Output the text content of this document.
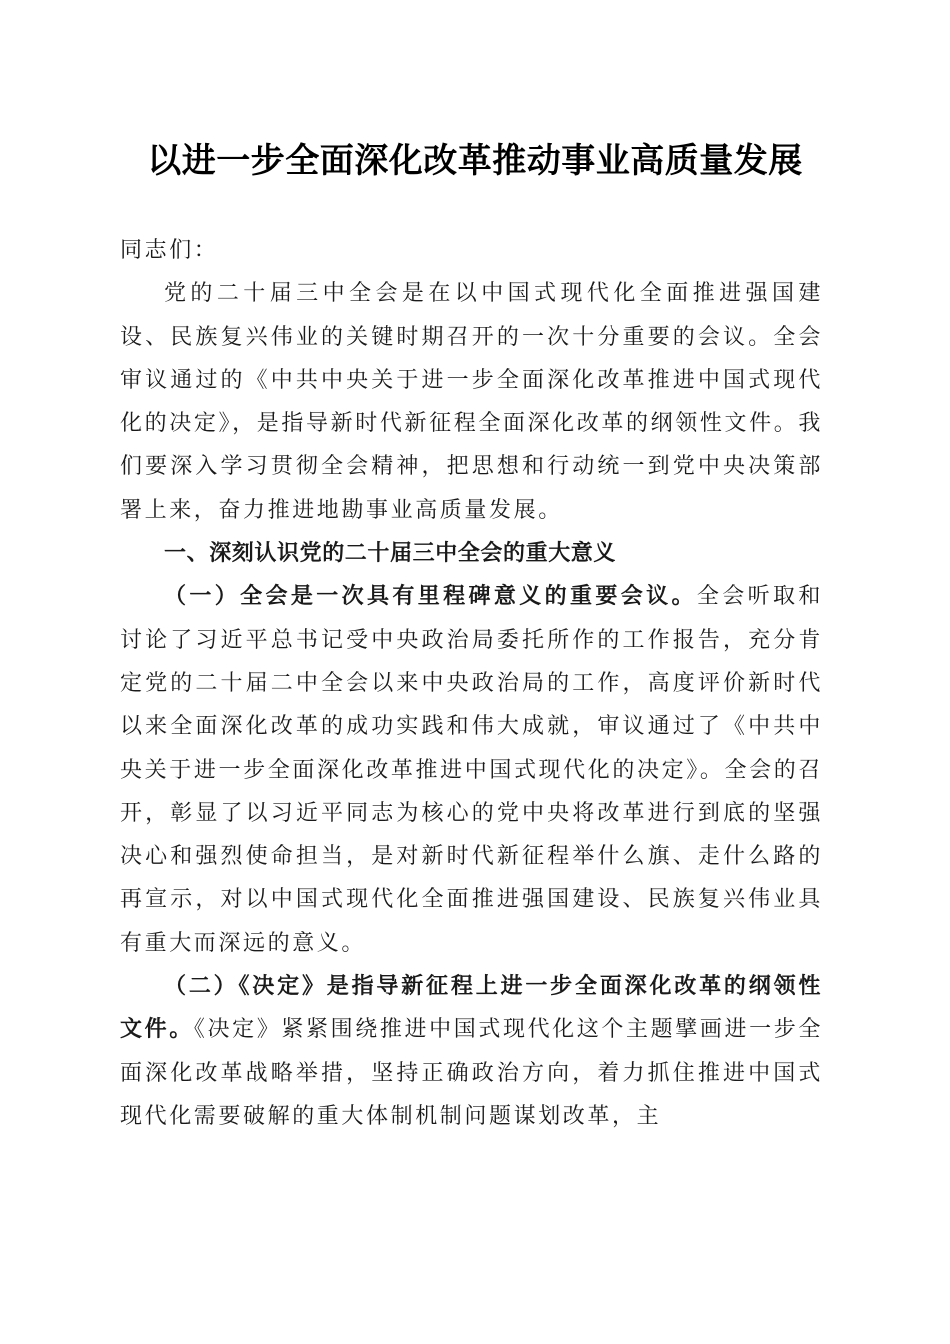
以进一步全面深化改革推动事业高质量发展

同志们：

党的二十届三中全会是在以中国式现代化全面推进强国建设、民族复兴伟业的关键时期召开的一次十分重要的会议。全会审议通过的《中共中央关于进一步全面深化改革推进中国式现代化的决定》，是指导新时代新征程全面深化改革的纲领性文件。我们要深入学习贯彻全会精神，把思想和行动统一到党中央决策部署上来，奋力推进地勘事业高质量发展。

一、深刻认识党的二十届三中全会的重大意义

（一）全会是一次具有里程碑意义的重要会议。全会听取和讨论了习近平总书记受中央政治局委托所作的工作报告，充分肯定党的二十届二中全会以来中央政治局的工作，高度评价新时代以来全面深化改革的成功实践和伟大成就，审议通过了《中共中央关于进一步全面深化改革推进中国式现代化的决定》。全会的召开，彰显了以习近平同志为核心的党中央将改革进行到底的坚强决心和强烈使命担当，是对新时代新征程举什么旗、走什么路的再宣示，对以中国式现代化全面推进强国建设、民族复兴伟业具有重大而深远的意义。

（二）《决定》是指导新征程上进一步全面深化改革的纲领性文件。《决定》紧紧围绕推进中国式现代化这个主题擘画进一步全面深化改革战略举措，坚持正确政治方向，着力抓住推进中国式现代化需要破解的重大体制机制问题谋划改革，主
